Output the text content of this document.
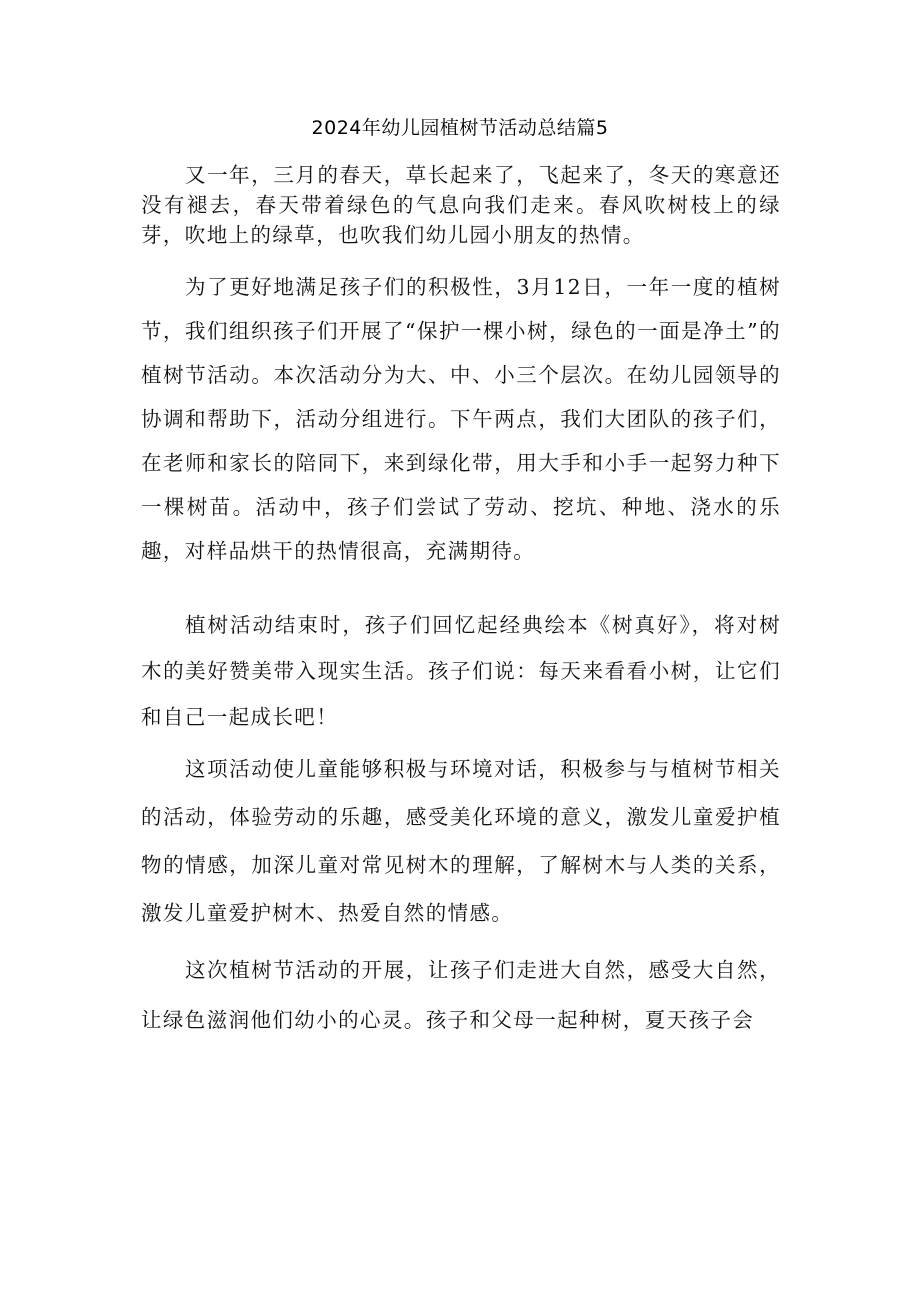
2024年幼儿园植树节活动总结篇5

又一年，三月的春天，草长起来了，飞起来了，冬天的寒意还没有褪去，春天带着绿色的气息向我们走来。春风吹树枝上的绿芽，吹地上的绿草，也吹我们幼儿园小朋友的热情。

为了更好地满足孩子们的积极性，3月12日，一年一度的植树节，我们组织孩子们开展了“保护一棵小树，绿色的一面是净土”的植树节活动。本次活动分为大、中、小三个层次。在幼儿园领导的协调和帮助下，活动分组进行。下午两点，我们大团队的孩子们，在老师和家长的陪同下，来到绿化带，用大手和小手一起努力种下一棵树苗。活动中，孩子们尝试了劳动、挖坑、种地、浇水的乐趣，对样品烘干的热情很高，充满期待。

植树活动结束时，孩子们回忆起经典绘本《树真好》，将对树木的美好赞美带入现实生活。孩子们说：每天来看看小树，让它们和自己一起成长吧！

这项活动使儿童能够积极与环境对话，积极参与与植树节相关的活动，体验劳动的乐趣，感受美化环境的意义，激发儿童爱护植物的情感，加深儿童对常见树木的理解，了解树木与人类的关系，激发儿童爱护树木、热爱自然的情感。

这次植树节活动的开展，让孩子们走进大自然，感受大自然，让绿色滋润他们幼小的心灵。孩子和父母一起种树，夏天孩子会
